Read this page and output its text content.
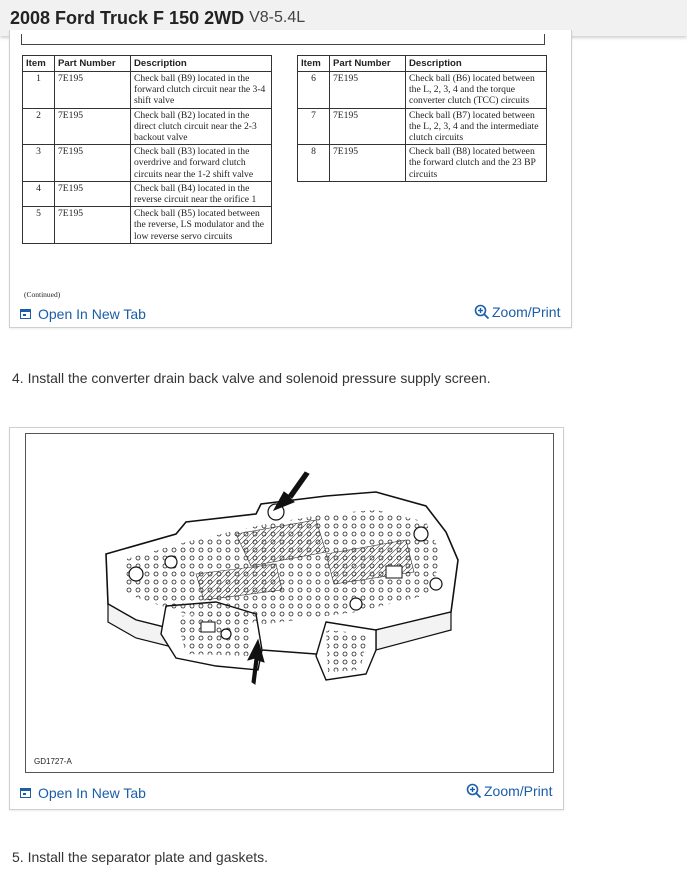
2008 Ford Truck F 150 2WD V8-5.4L
Item	Part Number	Description
1	7E195	Check ball (B9) located in the forward clutch circuit near the 3-4 shift valve
2	7E195	Check ball (B2) located in the direct clutch circuit near the 2-3 backout valve
3	7E195	Check ball (B3) located in the overdrive and forward clutch circuits near the 1-2 shift valve
4	7E195	Check ball (B4) located in the reverse circuit near the orifice 1
5	7E195	Check ball (B5) located between the reverse, LS modulator and the low reverse servo circuits
Item	Part Number	Description
6	7E195	Check ball (B6) located between the L, 2, 3, 4 and the torque converter clutch (TCC) circuits
7	7E195	Check ball (B7) located between the L, 2, 3, 4 and the intermediate clutch circuits
8	7E195	Check ball (B8) located between the forward clutch and the 23 BP circuits
(Continued)
Open In New Tab	Zoom/Print
4. Install the converter drain back valve and solenoid pressure supply screen.
GD1727-A
Open In New Tab	Zoom/Print
5. Install the separator plate and gaskets.
